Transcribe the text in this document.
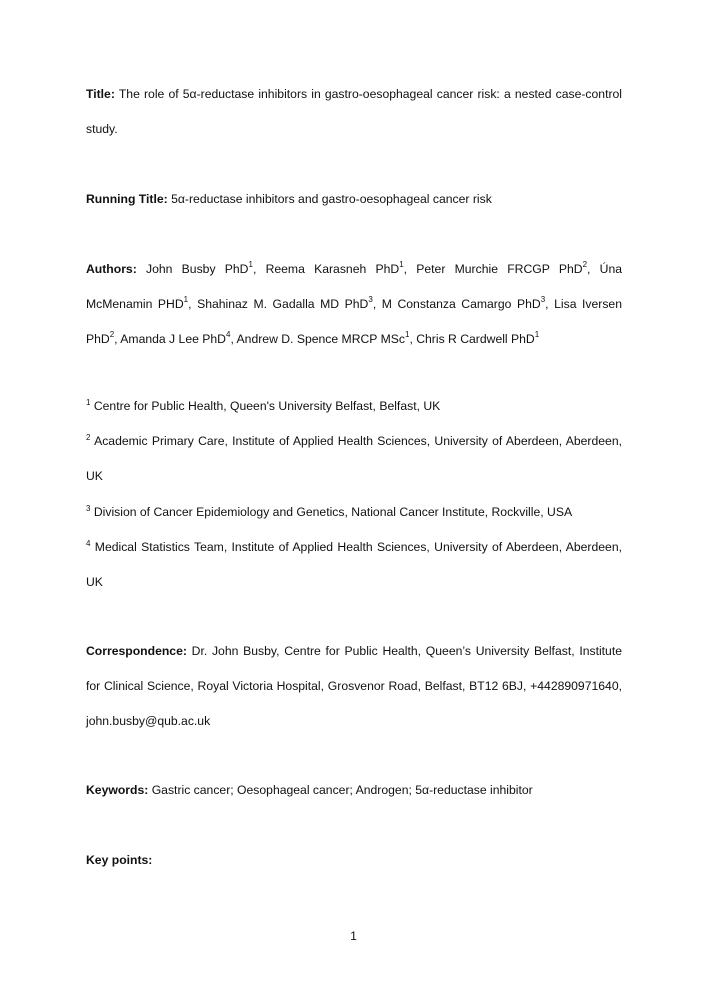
Title: The role of 5α-reductase inhibitors in gastro-oesophageal cancer risk: a nested case-control study.

Running Title: 5α-reductase inhibitors and gastro-oesophageal cancer risk

Authors: John Busby PhD$^1$, Reema Karasneh PhD$^1$, Peter Murchie FRCGP PhD$^2$, Úna McMenamin PHD$^1$, Shahinaz M. Gadalla MD PhD$^3$, M Constanza Camargo PhD$^3$, Lisa Iversen PhD$^2$, Amanda J Lee PhD$^4$, Andrew D. Spence MRCP MSc$^1$, Chris R Cardwell PhD$^1$

$^1$ Centre for Public Health, Queen's University Belfast, Belfast, UK

$^2$ Academic Primary Care, Institute of Applied Health Sciences, University of Aberdeen, Aberdeen, UK

$^3$ Division of Cancer Epidemiology and Genetics, National Cancer Institute, Rockville, USA

$^4$ Medical Statistics Team, Institute of Applied Health Sciences, University of Aberdeen, Aberdeen, UK

Correspondence: Dr. John Busby, Centre for Public Health, Queen’s University Belfast, Institute for Clinical Science, Royal Victoria Hospital, Grosvenor Road, Belfast, BT12 6BJ, +442890971640, john.busby@qub.ac.uk

Keywords: Gastric cancer; Oesophageal cancer; Androgen; 5α-reductase inhibitor

Key points:

1
